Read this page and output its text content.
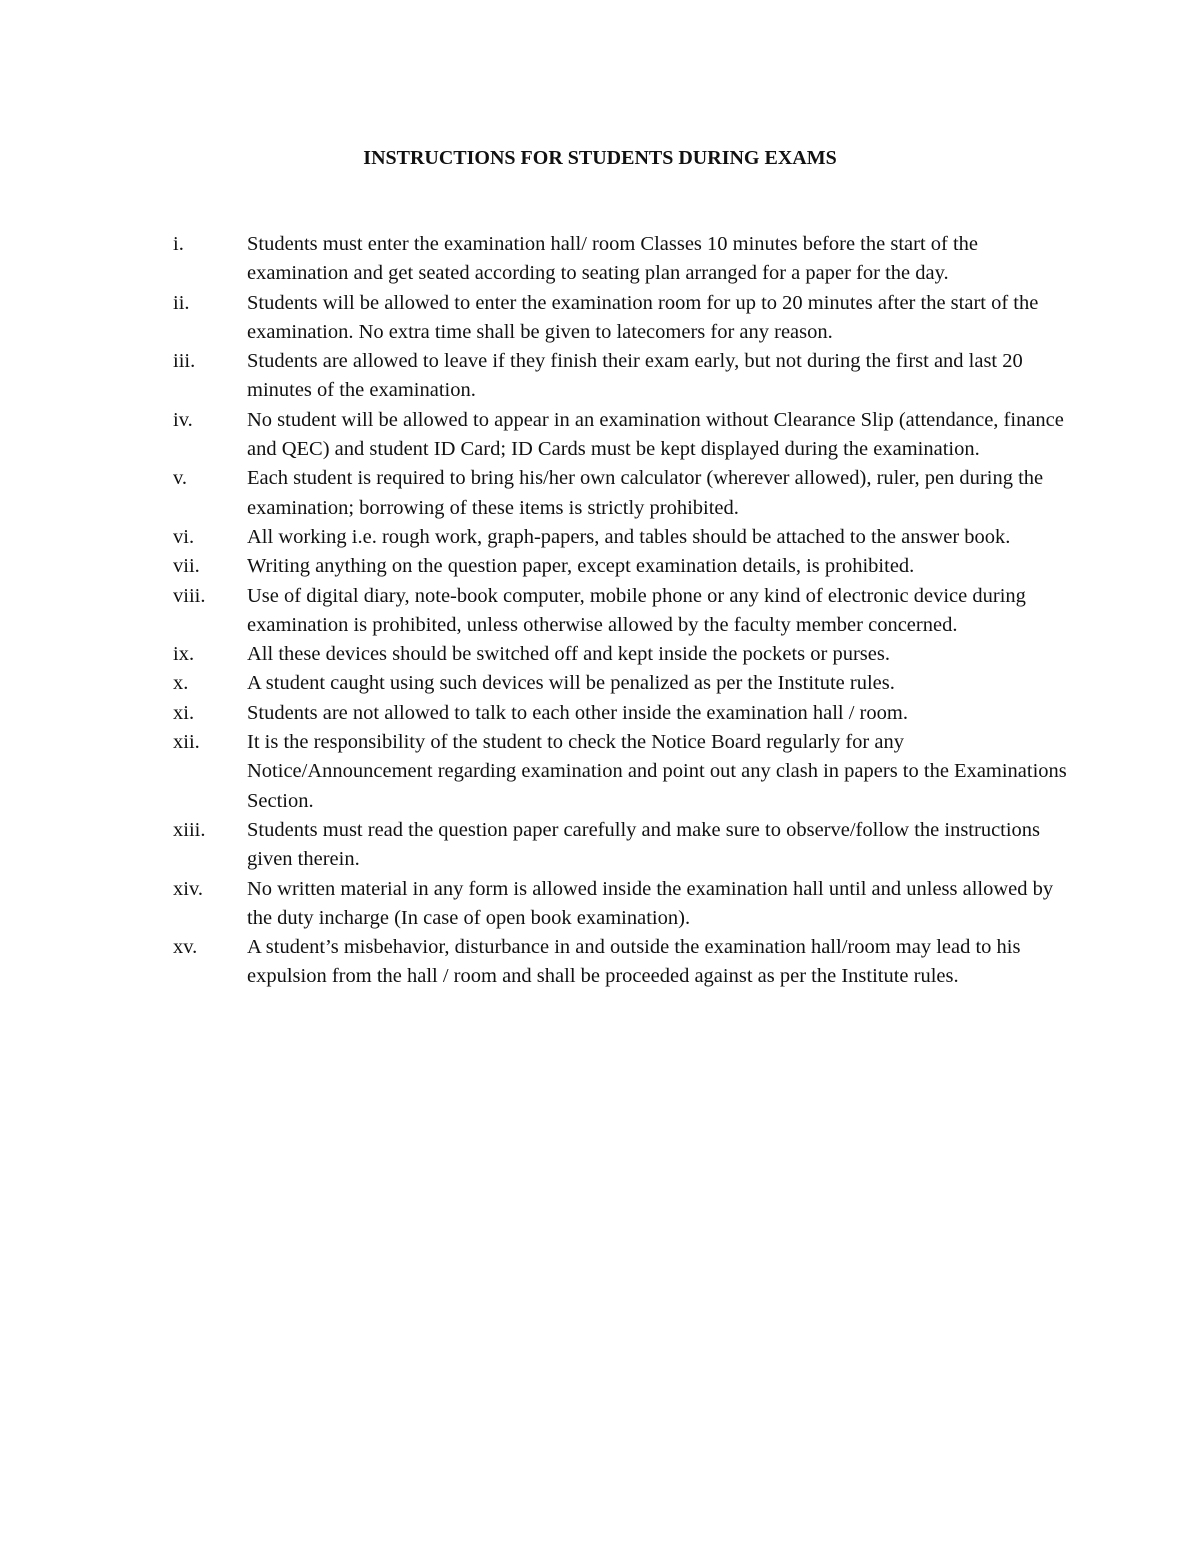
INSTRUCTIONS FOR STUDENTS DURING EXAMS
i.	Students must enter the examination hall/ room Classes 10 minutes before the start of the examination and get seated according to seating plan arranged for a paper for the day.
ii.	Students will be allowed to enter the examination room for up to 20 minutes after the start of the examination. No extra time shall be given to latecomers for any reason.
iii.	Students are allowed to leave if they finish their exam early, but not during the first and last 20 minutes of the examination.
iv.	No student will be allowed to appear in an examination without Clearance Slip (attendance, finance and QEC) and student ID Card; ID Cards must be kept displayed during the examination.
v.	Each student is required to bring his/her own calculator (wherever allowed), ruler, pen during the examination; borrowing of these items is strictly prohibited.
vi.	All working i.e. rough work, graph-papers, and tables should be attached to the answer book.
vii.	Writing anything on the question paper, except examination details, is prohibited.
viii.	Use of digital diary, note-book computer, mobile phone or any kind of electronic device during examination is prohibited, unless otherwise allowed by the faculty member concerned.
ix.	All these devices should be switched off and kept inside the pockets or purses.
x.	A student caught using such devices will be penalized as per the Institute rules.
xi.	Students are not allowed to talk to each other inside the examination hall / room.
xii.	It is the responsibility of the student to check the Notice Board regularly for any Notice/Announcement regarding examination and point out any clash in papers to the Examinations Section.
xiii.	Students must read the question paper carefully and make sure to observe/follow the instructions given therein.
xiv.	No written material in any form is allowed inside the examination hall until and unless allowed by the duty incharge (In case of open book examination).
xv.	A student’s misbehavior, disturbance in and outside the examination hall/room may lead to his expulsion from the hall / room and shall be proceeded against as per the Institute rules.
